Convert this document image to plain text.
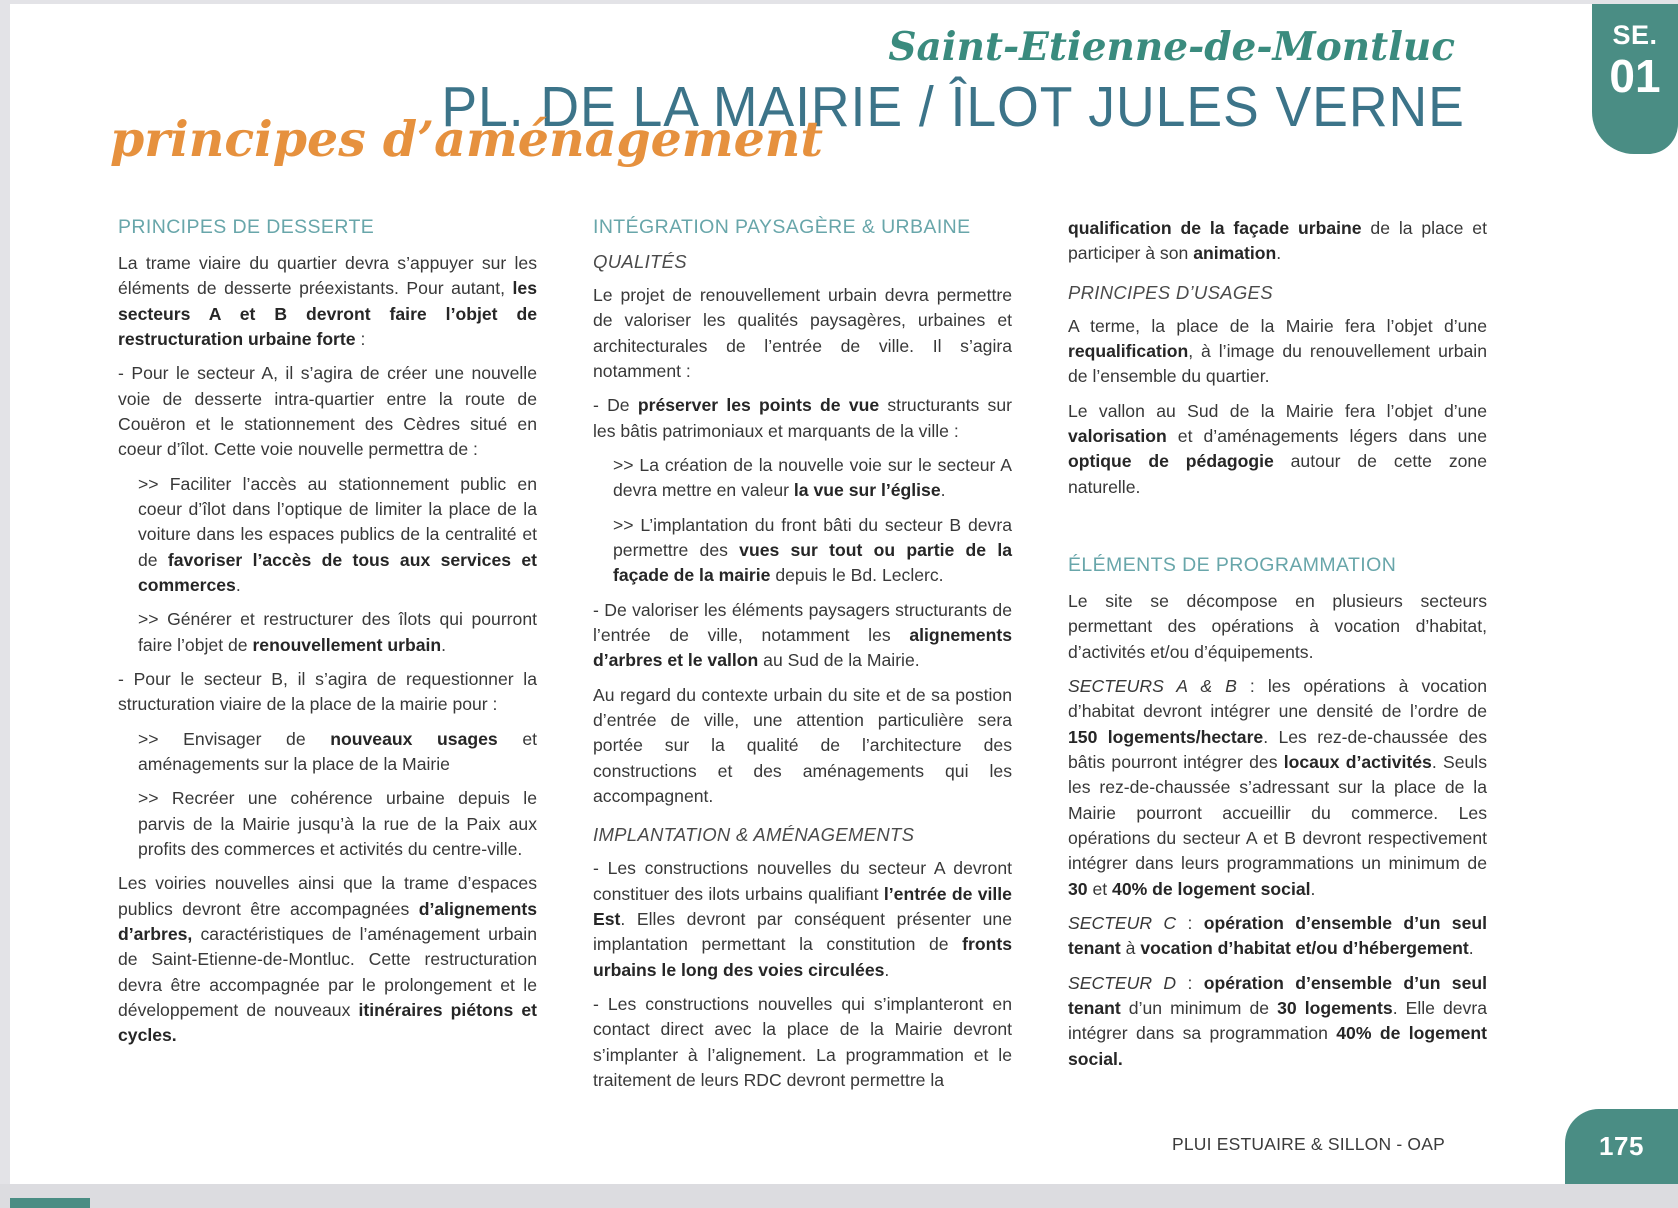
SE.
01
Saint-Etienne-de-Montluc
PL. DE LA MAIRIE / ÎLOT JULES VERNE
principes d’aménagement
PRINCIPES DE DESSERTE

La trame viaire du quartier devra s’appuyer sur les éléments de desserte préexistants. Pour autant, les secteurs A et B devront faire l’objet de restructuration urbaine forte :

- Pour le secteur A, il s’agira de créer une nouvelle voie de desserte intra-quartier entre la route de Couëron et le stationnement des Cèdres situé en coeur d’îlot. Cette voie nouvelle permettra de :

>> Faciliter l’accès au stationnement public en coeur d’îlot dans l’optique de limiter la place de la voiture dans les espaces publics de la centralité et de favoriser l’accès de tous aux services et commerces.

>> Générer et restructurer des îlots qui pourront faire l’objet de renouvellement urbain.

- Pour le secteur B, il s’agira de requestionner la structuration viaire de la place de la mairie pour :

>> Envisager de nouveaux usages et aménagements sur la place de la Mairie

>> Recréer une cohérence urbaine depuis le parvis de la Mairie jusqu’à la rue de la Paix aux profits des commerces et activités du centre-ville.

Les voiries nouvelles ainsi que la trame d’espaces publics devront être accompagnées d’alignements d’arbres, caractéristiques de l’aménagement urbain de Saint-Etienne-de-Montluc. Cette restructuration devra être accompagnée par le prolongement et le développement de nouveaux itinéraires piétons et cycles.

INTÉGRATION PAYSAGÈRE & URBAINE
QUALITÉS

Le projet de renouvellement urbain devra permettre de valoriser les qualités paysagères, urbaines et architecturales de l’entrée de ville. Il s’agira notamment :

- De préserver les points de vue structurants sur les bâtis patrimoniaux et marquants de la ville :

>> La création de la nouvelle voie sur le secteur A devra mettre en valeur la vue sur l’église.

>> L’implantation du front bâti du secteur B devra permettre des vues sur tout ou partie de la façade de la mairie depuis le Bd. Leclerc.

- De valoriser les éléments paysagers structurants de l’entrée de ville, notamment les alignements d’arbres et le vallon au Sud de la Mairie.

Au regard du contexte urbain du site et de sa postion d’entrée de ville, une attention particulière sera portée sur la qualité de l’architecture des constructions et des aménagements qui les accompagnent.

IMPLANTATION & AMÉNAGEMENTS

- Les constructions nouvelles du secteur A devront constituer des ilots urbains qualifiant l’entrée de ville Est. Elles devront par conséquent présenter une implantation permettant la constitution de fronts urbains le long des voies circulées.

- Les constructions nouvelles qui s’implanteront en contact direct avec la place de la Mairie devront s’implanter à l’alignement. La programmation et le traitement de leurs RDC devront permettre la

qualification de la façade urbaine de la place et participer à son animation.

PRINCIPES D’USAGES

A terme, la place de la Mairie fera l’objet d’une requalification, à l’image du renouvellement urbain de l’ensemble du quartier.

Le vallon au Sud de la Mairie fera l’objet d’une valorisation et d’aménagements légers dans une optique de pédagogie autour de cette zone naturelle.

ÉLÉMENTS DE PROGRAMMATION

Le site se décompose en plusieurs secteurs permettant des opérations à vocation d’habitat, d’activités et/ou d’équipements.

SECTEURS A & B : les opérations à vocation d’habitat devront intégrer une densité de l’ordre de 150 logements/hectare. Les rez-de-chaussée des bâtis pourront intégrer des locaux d’activités. Seuls les rez-de-chaussée s’adressant sur la place de la Mairie pourront accueillir du commerce. Les opérations du secteur A et B devront respectivement intégrer dans leurs programmations un minimum de 30 et 40% de logement social.

SECTEUR C : opération d’ensemble d’un seul tenant à vocation d’habitat et/ou d’hébergement.

SECTEUR D : opération d’ensemble d’un seul tenant d’un minimum de 30 logements. Elle devra intégrer dans sa programmation 40% de logement social.

PLUI ESTUAIRE & SILLON - OAP	175
